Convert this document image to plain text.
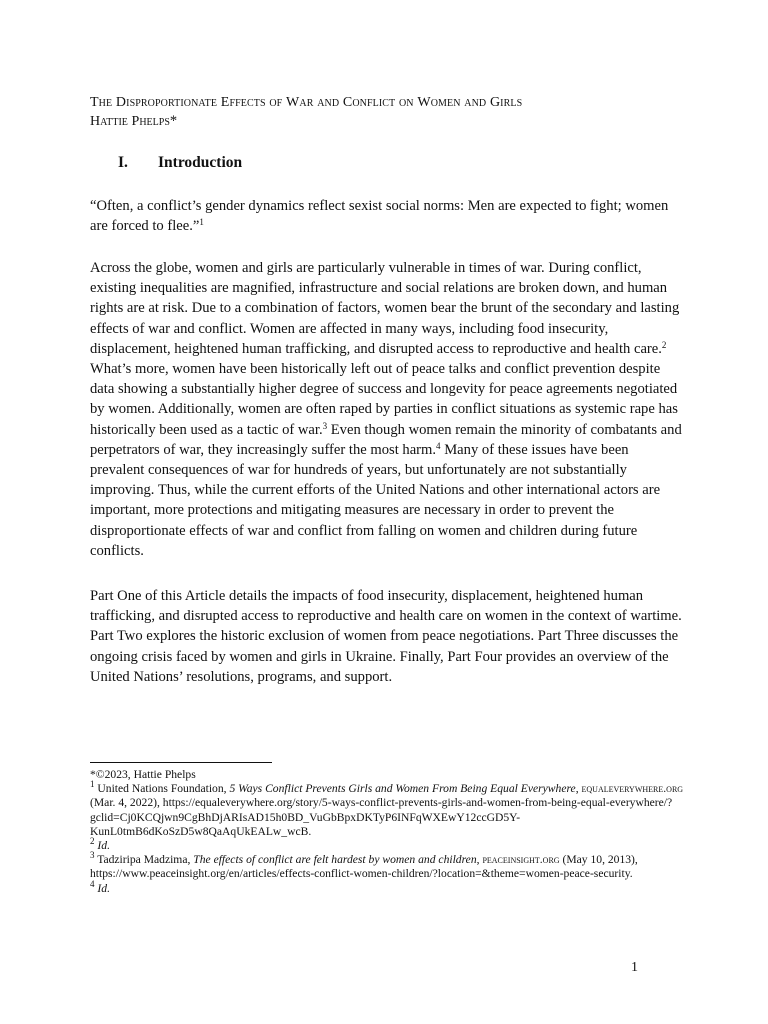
The Disproportionate Effects of War and Conflict on Women and Girls

Hattie Phelps*

I. Introduction

“Often, a conflict’s gender dynamics reflect sexist social norms: Men are expected to fight; women are forced to flee.”$^1$

Across the globe, women and girls are particularly vulnerable in times of war. During conflict, existing inequalities are magnified, infrastructure and social relations are broken down, and human rights are at risk. Due to a combination of factors, women bear the brunt of the secondary and lasting effects of war and conflict. Women are affected in many ways, including food insecurity, displacement, heightened human trafficking, and disrupted access to reproductive and health care.$^2$ What’s more, women have been historically left out of peace talks and conflict prevention despite data showing a substantially higher degree of success and longevity for peace agreements negotiated by women. Additionally, women are often raped by parties in conflict situations as systemic rape has historically been used as a tactic of war.$^3$ Even though women remain the minority of combatants and perpetrators of war, they increasingly suffer the most harm.$^4$ Many of these issues have been prevalent consequences of war for hundreds of years, but unfortunately are not substantially improving. Thus, while the current efforts of the United Nations and other international actors are important, more protections and mitigating measures are necessary in order to prevent the disproportionate effects of war and conflict from falling on women and children during future conflicts.

Part One of this Article details the impacts of food insecurity, displacement, heightened human trafficking, and disrupted access to reproductive and health care on women in the context of wartime. Part Two explores the historic exclusion of women from peace negotiations. Part Three discusses the ongoing crisis faced by women and girls in Ukraine. Finally, Part Four provides an overview of the United Nations’ resolutions, programs, and support.

*©2023, Hattie Phelps
$^1$ United Nations Foundation, 5 Ways Conflict Prevents Girls and Women From Being Equal Everywhere, equaleverywhere.org (Mar. 4, 2022), https://equaleverywhere.org/story/5-ways-conflict-prevents-girls-and-women-from-being-equal-everywhere/?gclid=Cj0KCQjwn9CgBhDjARIsAD15h0BD_VuGbBpxDKTyP6INFqWXEwY12ccGD5Y-KunL0tmB6dKoSzD5w8QaAqUkEALw_wcB.
$^2$ Id.
$^3$ Tadziripa Madzima, The effects of conflict are felt hardest by women and children, peaceinsight.org (May 10, 2013), https://www.peaceinsight.org/en/articles/effects-conflict-women-children/?location=&theme=women-peace-security.
$^4$ Id.
1
